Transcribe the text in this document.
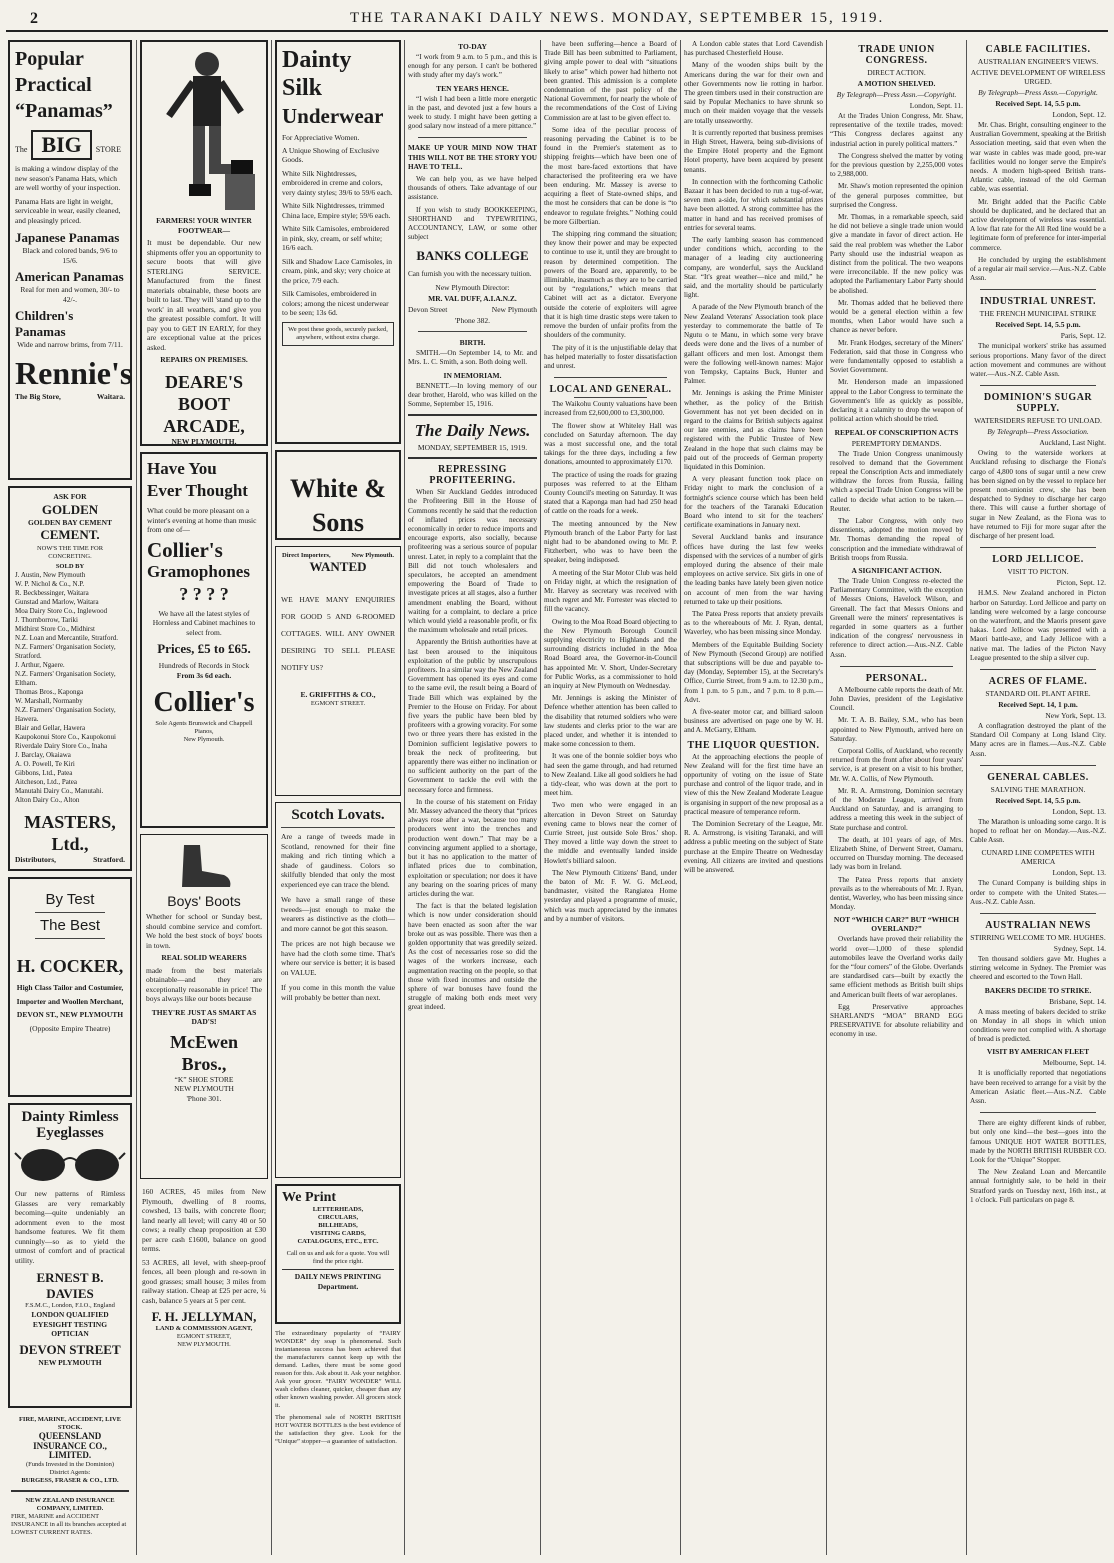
2	THE TARANAKI DAILY NEWS. MONDAY, SEPTEMBER 15, 1919.
Popular
Practical
“Panamas”
The BIG STORE

is making a window display of the new season's Panama Hats, which are well worthy of your inspection.

Panama Hats are light in weight, serviceable in wear, easily cleaned, and pleasingly priced.

Japanese Panamas

Black and colored bands, 9/6 to 15/6.

American Panamas

Real for men and women, 30/- to 42/-.

Children's Panamas

Wide and narrow brims, from 7/11.

Rennie's
The Big Store,	Waitara.
ASK FOR
GOLDEN
GOLDEN BAY CEMENT
CEMENT.
NOW'S THE TIME FOR CONCRETING.
SOLD BY
J. Austin, New Plymouth
W. P. Nichol & Co., N.P.
R. Beckbessinger, Waitara
Gunstad and Marlow, Waitara
Moa Dairy Store Co., Inglewood
J. Thornborrow, Tariki
Midhirst Store Co., Midhirst
N.Z. Loan and Mercantile, Stratford.
N.Z. Farmers' Organisation Society, Stratford.
J. Arthur, Ngaere.
N.Z. Farmers' Organisation Society, Eltham.
Thomas Bros., Kaponga
W. Marshall, Normanby
N.Z. Farmers' Organisation Society, Hawera.
Blair and Gellar, Hawera
Kaupokonui Store Co., Kaupokonui
Riverdale Dairy Store Co., Inaha
J. Barclay, Okaiawa
A. O. Powell, Te Kiri
Gibbons, Ltd., Patea
Aitcheson, Ltd., Patea
Manutahi Dairy Co., Manutahi.
Alton Dairy Co., Alton
MASTERS, Ltd.,
Distributors,	Stratford.
By Test
The Best
H. COCKER,
High Class Tailor and Costumier,
Importer and Woollen Merchant,
DEVON ST., NEW PLYMOUTH
(Opposite Empire Theatre)
Dainty Rimless
Eyeglasses

Our new patterns of Rimless Glasses are very remarkably becoming—quite undeniably an adornment even to the most handsome features. We fit them cunningly—so as to yield the utmost of comfort and of practical utility.

ERNEST B. DAVIES
F.S.M.C., London, F.I.O., England
LONDON QUALIFIED
EYESIGHT TESTING OPTICIAN
DEVON STREET
NEW PLYMOUTH
FIRE, MARINE, ACCIDENT, LIVE STOCK.
QUEENSLAND INSURANCE CO., LIMITED.
(Funds Invested in the Dominion)
District Agents:
BURGESS, FRASER & CO., LTD.
NEW ZEALAND INSURANCE COMPANY, LIMITED.
FIRE, MARINE and ACCIDENT INSURANCE in all its branches accepted at LOWEST CURRENT RATES.
FARMERS! YOUR WINTER
FOOTWEAR—

It must be dependable. Our new shipments offer you an opportunity to secure boots that will give STERLING SERVICE. Manufactured from the finest materials obtainable, these boots are built to last. They will 'stand up to the work' in all weathers, and give you the greatest possible comfort. It will pay you to GET IN EARLY, for they are exceptional value at the prices asked.

REPAIRS ON PREMISES.
DEARE'S
BOOT
ARCADE,
NEW PLYMOUTH.
Have You
Ever Thought

What could be more pleasant on a winter's evening at home than music from one of—

Collier's
Gramophones
? ? ? ?

We have all the latest styles of Hornless and Cabinet machines to select from.

Prices, £5 to £65.
Hundreds of Records in Stock
From 3s 6d each.
Collier's
Sole Agents Brunswick and Chappell Pianos,
New Plymouth.
Boys' Boots

Whether for school or Sunday best, should combine service and comfort. We hold the best stock of boys' boots in town.

REAL SOLID WEARERS

made from the best materials obtainable—and they are exceptionally reasonable in price! The boys always like our boots because

THEY'RE JUST AS SMART AS DAD'S!
McEwen Bros.,
“K” SHOE STORE
NEW PLYMOUTH
'Phone 301.

160 ACRES, 45 miles from New Plymouth, dwelling of 8 rooms, cowshed, 13 bails, with concrete floor; land nearly all level; will carry 40 or 50 cows; a really cheap proposition at £30 per acre cash £1600, balance on good terms.

53 ACRES, all level, with sheep-proof fences, all been plough and re-sown in good grasses; small house; 3 miles from railway station. Cheap at £25 per acre, ¼ cash, balance 5 years at 5 per cent.

F. H. JELLYMAN,
LAND & COMMISSION AGENT,
EGMONT STREET,
NEW PLYMOUTH.
Dainty
Silk
Underwear
For Appreciative Women.
A Unique Showing of Exclusive Goods.

White Silk Nightdresses, embroidered in creme and colors, very dainty styles; 39/6 to 59/6 each.

White Silk Nightdresses, trimmed China lace, Empire style; 59/6 each.

White Silk Camisoles, embroidered in pink, sky, cream, or self white; 16/6 each.

Silk and Shadow Lace Camisoles, in cream, pink, and sky; very choice at the price, 7/9 each.

Silk Camisoles, embroidered in colors; among the nicest underwear to be seen; 13s 6d.

We post these goods, securely packed, anywhere, without extra charge.
White & Sons
Direct Importers,	New Plymouth.
WANTED

WE HAVE MANY ENQUIRIES FOR GOOD 5 AND 6-ROOMED COTTAGES. WILL ANY OWNER DESIRING TO SELL PLEASE NOTIFY US?

E. GRIFFITHS & CO.,
EGMONT STREET.
Scotch Lovats.

Are a range of tweeds made in Scotland, renowned for their fine making and rich tinting which a shade of gaudiness. Colors so skilfully blended that only the most experienced eye can trace the blend.

We have a small range of these tweeds—just enough to make the wearers as distinctive as the cloth—and more cannot be got this season.

The prices are not high because we have had the cloth some time. That's where our service is better; it is based on VALUE.

If you come in this month the value will probably be better than next.

We Print
LETTERHEADS,
CIRCULARS,
BILLHEADS,
VISITING CARDS,
CATALOGUES, ETC., ETC.

Call on us and ask for a quote. You will find the price right.

DAILY NEWS PRINTING Department.

The extraordinary popularity of “FAIRY WONDER” dry soap is phenomenal. Such instantaneous success has been achieved that the manufacturers cannot keep up with the demand. Ladies, there must be some good reason for this. Ask about it. Ask your neighbor. Ask your grocer. “FAIRY WONDER” WILL wash clothes cleaner, quicker, cheaper than any other known washing powder. All grocers stock it.

The phenomenal sale of NORTH BRITISH HOT WATER BOTTLES is the best evidence of the satisfaction they give. Look for the “Unique” stopper—a guarantee of satisfaction.

TO-DAY

“I work from 9 a.m. to 5 p.m., and this is enough for any person. I can't be bothered with study after my day's work.”

TEN YEARS HENCE.

“I wish I had been a little more energetic in the past, and devoted just a few hours a week to study. I might have been getting a good salary now instead of a mere pittance.”

MAKE UP YOUR MIND NOW THAT THIS WILL NOT BE THE STORY YOU HAVE TO TELL.

We can help you, as we have helped thousands of others. Take advantage of our assistance.

If you wish to study BOOKKEEPING, SHORTHAND and TYPEWRITING, ACCOUNTANCY, LAW, or some other subject

BANKS COLLEGE

Can furnish you with the necessary tuition.

New Plymouth Director:
MR. VAL DUFF, A.I.A.N.Z.
Devon Street	New Plymouth
'Phone 382.
BIRTH.

SMITH.—On September 14, to Mr. and Mrs. L. C. Smith, a son. Both doing well.

IN MEMORIAM.

BENNETT.—In loving memory of our dear brother, Harold, who was killed on the Somme, September 15, 1916.

The Daily News.
MONDAY, SEPTEMBER 15, 1919.
REPRESSING PROFITEERING.

When Sir Auckland Geddes introduced the Profiteering Bill in the House of Commons recently he said that the reduction of inflated prices was necessary economically in order to reduce imports and encourage exports, also socially, because profiteering was a serious source of popular unrest. Later, in reply to a complaint that the Bill did not touch wholesalers and speculators, he accepted an amendment empowering the Board of Trade to investigate prices at all stages, also a further amendment enabling the Board, without waiting for a complaint, to declare a price which would yield a reasonable profit, or fix the maximum wholesale and retail prices.

Apparently the British authorities have at last been aroused to the iniquitous exploitation of the public by unscrupulous profiteers. In a similar way the New Zealand Government has opened its eyes and come to the same evil, the result being a Board of Trade Bill which was explained by the Premier to the House on Friday. For about five years the public have been bled by profiteers with a growing voracity. For some two or three years there has existed in the Dominion sufficient legislative powers to break the neck of profiteering, but apparently there was either no inclination or no sufficient authority on the part of the Government to tackle the evil with the necessary force and firmness.

In the course of his statement on Friday Mr. Massey advanced the theory that “prices always rose after a war, because too many producers went into the trenches and production went down.” That may be a convincing argument applied to a shortage, but it has no application to the matter of inflated prices due to combination, exploitation or speculation; nor does it have any bearing on the soaring prices of many articles during the war.

The fact is that the belated legislation which is now under consideration should have been enacted as soon after the war broke out as was possible. There was then a golden opportunity that was greedily seized. As the cost of necessaries rose so did the wages of the workers increase, each augmentation reacting on the people, so that those with fixed incomes and outside the sphere of war bonuses have found the struggle of making both ends meet very great indeed.

have been suffering—hence a Board of Trade Bill has been submitted to Parliament, giving ample power to deal with “situations likely to arise” which power had hitherto not been granted. This admission is a complete condemnation of the past policy of the National Government, for nearly the whole of the recommendations of the Cost of Living Commission are at last to be given effect to.

Some idea of the peculiar process of reasoning pervading the Cabinet is to be found in the Premier's statement as to shipping freights—which have been one of the most bare-faced extortions that have characterised the profiteering era we have been enduring. Mr. Massey is averse to acquiring a fleet of State-owned ships, and the most he considers that can be done is “to endeavor to regulate freights.” Nothing could be more Gilbertian.

The shipping ring command the situation; they know their power and may be expected to continue to use it, until they are brought to reason by determined competition. The powers of the Board are, apparently, to be illimitable, inasmuch as they are to be carried out by “regulations,” which means that Cabinet will act as a dictator. Everyone outside the coterie of exploiters will agree that it is high time drastic steps were taken to remove the burden of unfair profits from the shoulders of the community.

The pity of it is the unjustifiable delay that has helped materially to foster dissatisfaction and unrest.

LOCAL AND GENERAL.

The Waikohu County valuations have been increased from £2,600,000 to £3,300,000.

The flower show at Whiteley Hall was concluded on Saturday afternoon. The day was a most successful one, and the total takings for the three days, including a few donations, amounted to approximately £170.

The practice of using the roads for grazing purposes was referred to at the Eltham County Council's meeting on Saturday. It was stated that a Kaponga man had had 250 head of cattle on the roads for a week.

The meeting announced by the New Plymouth branch of the Labor Party for last night had to be abandoned owing to Mr. P. Fitzherbert, who was to have been the speaker, being indisposed.

A meeting of the Star Motor Club was held on Friday night, at which the resignation of Mr. Harvey as secretary was received with much regret and Mr. Forrester was elected to fill the vacancy.

Owing to the Moa Road Board objecting to the New Plymouth Borough Council supplying electricity to Highlands and the surrounding districts included in the Moa Road Board area, the Governor-in-Council has appointed Mr. V. Short, Under-Secretary for Public Works, as a commissioner to hold an inquiry at New Plymouth on Wednesday.

Mr. Jennings is asking the Minister of Defence whether attention has been called to the disability that returned soldiers who were law students and clerks prior to the war are placed under, and whether it is intended to make some concession to them.

It was one of the bonnie soldier boys who had seen the game through, and had returned to New Zealand. Like all good soldiers he had a tidy-clear, who was down at the port to meet him.

Two men who were engaged in an altercation in Devon Street on Saturday evening came to blows near the corner of Currie Street, just outside Sole Bros.' shop. They moved a little way down the street to the middle and eventually landed inside Howlett's billiard saloon.

The New Plymouth Citizens' Band, under the baton of Mr. F. W. G. McLeod, bandmaster, visited the Rangiatea Home yesterday and played a programme of music, which was much appreciated by the inmates and by a number of visitors.

A London cable states that Lord Cavendish has purchased Chesterfield House.

Many of the wooden ships built by the Americans during the war for their own and other Governments now lie rotting in harbor. The green timbers used in their construction are said by Popular Mechanics to have shrunk so much on their maiden voyage that the vessels are totally unseaworthy.

It is currently reported that business premises in High Street, Hawera, being sub-divisions of the Empire Hotel property and the Egmont Hotel property, have been acquired by present tenants.

In connection with the forthcoming Catholic Bazaar it has been decided to run a tug-of-war, seven men a-side, for which substantial prizes have been allotted. A strong committee has the matter in hand and has received promises of entries for several teams.

The early lambing season has commenced under conditions which, according to the manager of a leading city auctioneering company, are wonderful, says the Auckland Star. “It's great weather—nice and mild,” he said, and the mortality should be particularly light.

A parade of the New Plymouth branch of the New Zealand Veterans' Association took place yesterday to commemorate the battle of Te Ngutu o te Manu, in which some very brave deeds were done and the lives of a number of gallant officers and men lost. Amongst them were the following well-known names: Major von Tempsky, Captains Buck, Hunter and Palmer.

Mr. Jennings is asking the Prime Minister whether, as the policy of the British Government has not yet been decided on in regard to the claims for British subjects against our late enemies, and as claims have been registered with the Public Trustee of New Zealand in the hope that such claims may be paid out of the proceeds of German property liquidated in this Dominion.

A very pleasant function took place on Friday night to mark the conclusion of a fortnight's science course which has been held for the teachers of the Taranaki Education Board who intend to sit for the teachers' certificate examinations in January next.

Several Auckland banks and insurance offices have during the last few weeks dispensed with the services of a number of girls employed during the absence of their male employees on active service. Six girls in one of the leading banks have lately been given notice on account of men from the war having returned to take up their positions.

The Patea Press reports that anxiety prevails as to the whereabouts of Mr. J. Ryan, dental, Waverley, who has been missing since Monday.

Members of the Equitable Building Society of New Plymouth (Second Group) are notified that subscriptions will be due and payable to-day (Monday, September 15), at the Secretary's Office, Currie Street, from 9 a.m. to 12.30 p.m., from 1 p.m. to 5 p.m., and 7 p.m. to 8 p.m.—Advt.

A five-seater motor car, and billiard saloon business are advertised on page one by W. H. and A. McGarry, Eltham.

THE LIQUOR QUESTION.

At the approaching elections the people of New Zealand will for the first time have an opportunity of voting on the issue of State purchase and control of the liquor trade, and in view of this the New Zealand Moderate League is organising in support of the new proposal as a practical measure of temperance reform.

The Dominion Secretary of the League, Mr. R. A. Armstrong, is visiting Taranaki, and will address a public meeting on the subject of State purchase at the Empire Theatre on Wednesday evening. All citizens are invited and questions will be answered.

TRADE UNION CONGRESS.
DIRECT ACTION.
A MOTION SHELVED.
By Telegraph—Press Assn.—Copyright.
London, Sept. 11.

At the Trades Union Congress, Mr. Shaw, representative of the textile trades, moved: “This Congress declares against any industrial action in purely political matters.”

The Congress shelved the matter by voting for the previous question by 2,255,000 votes to 2,988,000.

Mr. Shaw's motion represented the opinion of the general purposes committee, but surprised the Congress.

Mr. Thomas, in a remarkable speech, said he did not believe a single trade union would give a mandate in favor of direct action. He said the real problem was whether the Labor Party should use the industrial weapon as distinct from the political. The two weapons were irreconcilable. If the new policy was adopted the Parliamentary Labor Party should be abolished.

Mr. Thomas added that he believed there would be a general election within a few months, when Labor would have such a chance as never before.

Mr. Frank Hodges, secretary of the Miners' Federation, said that those in Congress who were fundamentally opposed to establish a Soviet Government.

Mr. Henderson made an impassioned appeal to the Labor Congress to terminate the Government's life as quickly as possible, declaring it a calamity to drop the weapon of political action which should be tried.

REPEAL OF CONSCRIPTION ACTS
PEREMPTORY DEMANDS.

The Trade Union Congress unanimously resolved to demand that the Government repeal the Conscription Acts and immediately withdraw the forces from Russia, failing which a special Trade Union Congress will be called to decide what action to be taken.—Reuter.

The Labor Congress, with only two dissentients, adopted the motion moved by Mr. Thomas demanding the repeal of conscription and the immediate withdrawal of British troops from Russia.

A SIGNIFICANT ACTION.

The Trade Union Congress re-elected the Parliamentary Committee, with the exception of Messrs Onions, Havelock Wilson, and Greenall. The fact that Messrs Onions and Greenall were the miners' representatives is regarded in some quarters as a further indication of the congress' nervousness in reference to direct action.—Aus.-N.Z. Cable Assn.

PERSONAL.

A Melbourne cable reports the death of Mr. John Davies, president of the Legislative Council.

Mr. T. A. B. Bailey, S.M., who has been appointed to New Plymouth, arrived here on Saturday.

Corporal Collis, of Auckland, who recently returned from the front after about four years' service, is at present on a visit to his brother, Mr. W. A. Collis, of New Plymouth.

Mr. R. A. Armstrong, Dominion secretary of the Moderate League, arrived from Auckland on Saturday, and is arranging to address a meeting this week in the subject of State purchase and control.

The death, at 101 years of age, of Mrs. Elizabeth Shine, of Derwent Street, Oamaru, occurred on Thursday morning. The deceased lady was born in Ireland.

The Patea Press reports that anxiety prevails as to the whereabouts of Mr. J. Ryan, dentist, Waverley, who has been missing since Monday.

NOT “WHICH CAR?” BUT “WHICH OVERLAND?”

Overlands have proved their reliability the world over—1,000 of these splendid automobiles leave the Overland works daily for the “four corners” of the Globe. Overlands are standardised cars—built by exactly the same efficient methods as British built ships and American built fleets of war aeroplanes.

Egg Preservative approaches SHARLAND'S “MOA” BRAND EGG PRESERVATIVE for absolute reliability and economy in use.

CABLE FACILITIES.
AUSTRALIAN ENGINEER'S VIEWS.
ACTIVE DEVELOPMENT OF WIRELESS URGED.
By Telegraph—Press Assn.—Copyright.
Received Sept. 14, 5.5 p.m.
London, Sept. 12.

Mr. Chas. Bright, consulting engineer to the Australian Government, speaking at the British Association meeting, said that even when the war waste in cables was made good, pre-war facilities would no longer serve the Empire's needs. A modern high-speed British trans-Atlantic cable, instead of the old German cable, was essential.

Mr. Bright added that the Pacific Cable should be duplicated, and he declared that an active development of wireless was essential. A low flat rate for the All Red line would be a legitimate form of preference for inter-imperial commerce.

He concluded by urging the establishment of a regular air mail service.—Aus.-N.Z. Cable Assn.

INDUSTRIAL UNREST.
THE FRENCH MUNICIPAL STRIKE
Received Sept. 14, 5.5 p.m.
Paris, Sept. 12.

The municipal workers' strike has assumed serious proportions. Many favor of the direct action movement and communes are without water.—Aus.-N.Z. Cable Assn.

DOMINION'S SUGAR SUPPLY.
WATERSIDERS REFUSE TO UNLOAD.
By Telegraph—Press Association.
Auckland, Last Night.

Owing to the waterside workers at Auckland refusing to discharge the Fiona's cargo of 4,800 tons of sugar until a new crew has been signed on by the vessel to replace her present non-unionist crew, she has been despatched to Sydney to discharge her cargo there. This will cause a further shortage of sugar in New Zealand, as the Fiona was to have returned to Fiji for more sugar after the discharge of her present load.

LORD JELLICOE.
VISIT TO PICTON.
Picton, Sept. 12.

H.M.S. New Zealand anchored in Picton harbor on Saturday. Lord Jellicoe and party on landing were welcomed by a large concourse on the waterfront, and the Maoris present gave hakas. Lord Jellicoe was presented with a Maori battle-axe, and Lady Jellicoe with a native mat. The ladies of the Picton Navy League presented to the ship a silver cup.

ACRES OF FLAME.
STANDARD OIL PLANT AFIRE.
Received Sept. 14, 1 p.m.
New York, Sept. 13.

A conflagration destroyed the plant of the Standard Oil Company at Long Island City. Many acres are in flames.—Aus.-N.Z. Cable Assn.

GENERAL CABLES.
SALVING THE MARATHON.
Received Sept. 14, 5.5 p.m.
London, Sept. 13.

The Marathon is unloading some cargo. It is hoped to refloat her on Monday.—Aus.-N.Z. Cable Assn.

CUNARD LINE COMPETES WITH AMERICA
London, Sept. 13.

The Cunard Company is building ships in order to compete with the United States.—Aus.-N.Z. Cable Assn.

AUSTRALIAN NEWS
STIRRING WELCOME TO MR. HUGHES.
Sydney, Sept. 14.

Ten thousand soldiers gave Mr. Hughes a stirring welcome in Sydney. The Premier was cheered and escorted to the Town Hall.

BAKERS DECIDE TO STRIKE.
Brisbane, Sept. 14.

A mass meeting of bakers decided to strike on Monday in all shops in which union conditions were not complied with. A shortage of bread is predicted.

VISIT BY AMERICAN FLEET
Melbourne, Sept. 14.

It is unofficially reported that negotiations have been received to arrange for a visit by the American Asiatic fleet.—Aus.-N.Z. Cable Assn.

There are eighty different kinds of rubber, but only one kind—the best—goes into the famous UNIQUE HOT WATER BOTTLES, made by the NORTH BRITISH RUBBER CO. Look for the “Unique” Stopper.

The New Zealand Loan and Mercantile annual fortnightly sale, to be held in their Stratford yards on Tuesday next, 16th inst., at 1 o'clock. Full particulars on page 8.
